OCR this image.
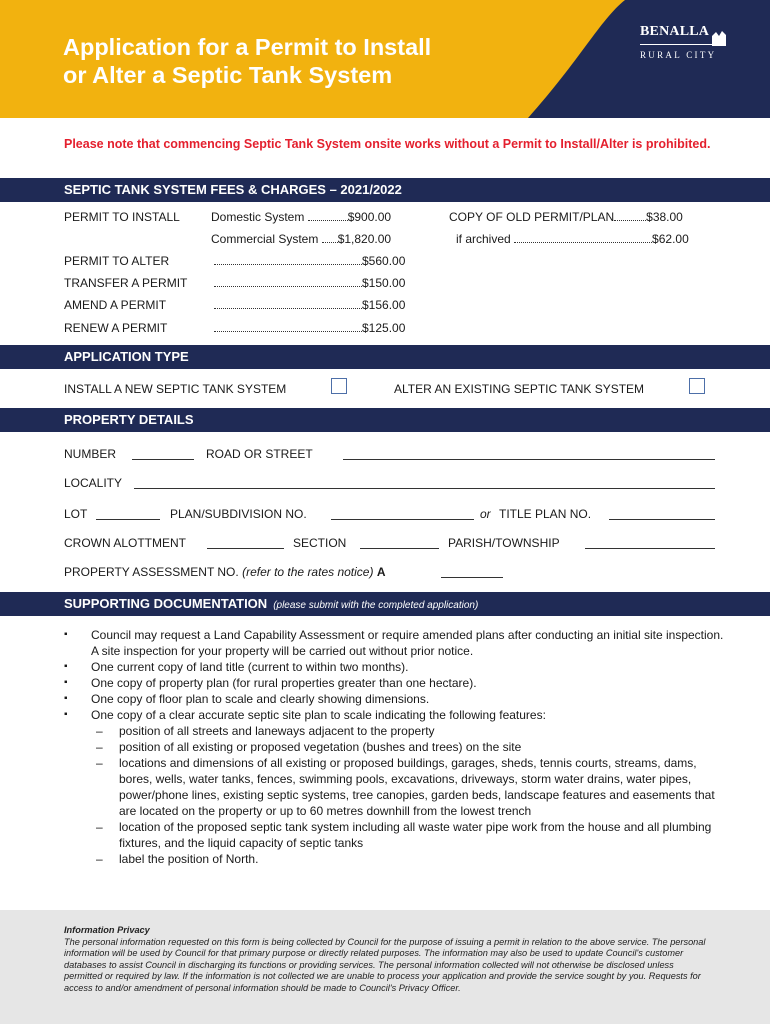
Application for a Permit to Install
or Alter a Septic Tank System
BENALLA
RURAL CITY
Please note that commencing Septic Tank System onsite works without a Permit to Install/Alter is prohibited.
SEPTIC TANK SYSTEM FEES & CHARGES – 2021/2022
PERMIT TO INSTALL	Domestic System	$900.00
Commercial System $1,820.00
COPY OF OLD PERMIT/PLAN	$38.00
if archived	$62.00
PERMIT TO ALTER	$560.00
TRANSFER A PERMIT	$150.00
AMEND A PERMIT	$156.00
RENEW A PERMIT	$125.00
APPLICATION TYPE
INSTALL A NEW SEPTIC TANK SYSTEM	ALTER AN EXISTING SEPTIC TANK SYSTEM
PROPERTY DETAILS
NUMBER	ROAD OR STREET
LOCALITY
LOT	PLAN/SUBDIVISION NO.	or TITLE PLAN NO.
CROWN ALOTTMENT	SECTION	PARISH/TOWNSHIP
PROPERTY ASSESSMENT NO. (refer to the rates notice) A
SUPPORTING DOCUMENTATION (please submit with the completed application)
▪ Council may request a Land Capability Assessment or require amended plans after conducting an initial site inspection. A site inspection for your property will be carried out without prior notice.
▪ One current copy of land title (current to within two months).
▪ One copy of property plan (for rural properties greater than one hectare).
▪ One copy of floor plan to scale and clearly showing dimensions.
▪ One copy of a clear accurate septic site plan to scale indicating the following features:
– position of all streets and laneways adjacent to the property
– position of all existing or proposed vegetation (bushes and trees) on the site
– locations and dimensions of all existing or proposed buildings, garages, sheds, tennis courts, streams, dams, bores, wells, water tanks, fences, swimming pools, excavations, driveways, storm water drains, water pipes, power/phone lines, existing septic systems, tree canopies, garden beds, landscape features and easements that are located on the property or up to 60 metres downhill from the lowest trench
– location of the proposed septic tank system including all waste water pipe work from the house and all plumbing fixtures, and the liquid capacity of septic tanks
– label the position of North.
Information Privacy
The personal information requested on this form is being collected by Council for the purpose of issuing a permit in relation to the above service. The personal information will be used by Council for that primary purpose or directly related purposes. The information may also be used to update Council's customer databases to assist Council in discharging its functions or providing services. The personal information collected will not otherwise be disclosed unless permitted or required by law. If the information is not collected we are unable to process your application and provide the service sought by you. Requests for access to and/or amendment of personal information should be made to Council's Privacy Officer.
